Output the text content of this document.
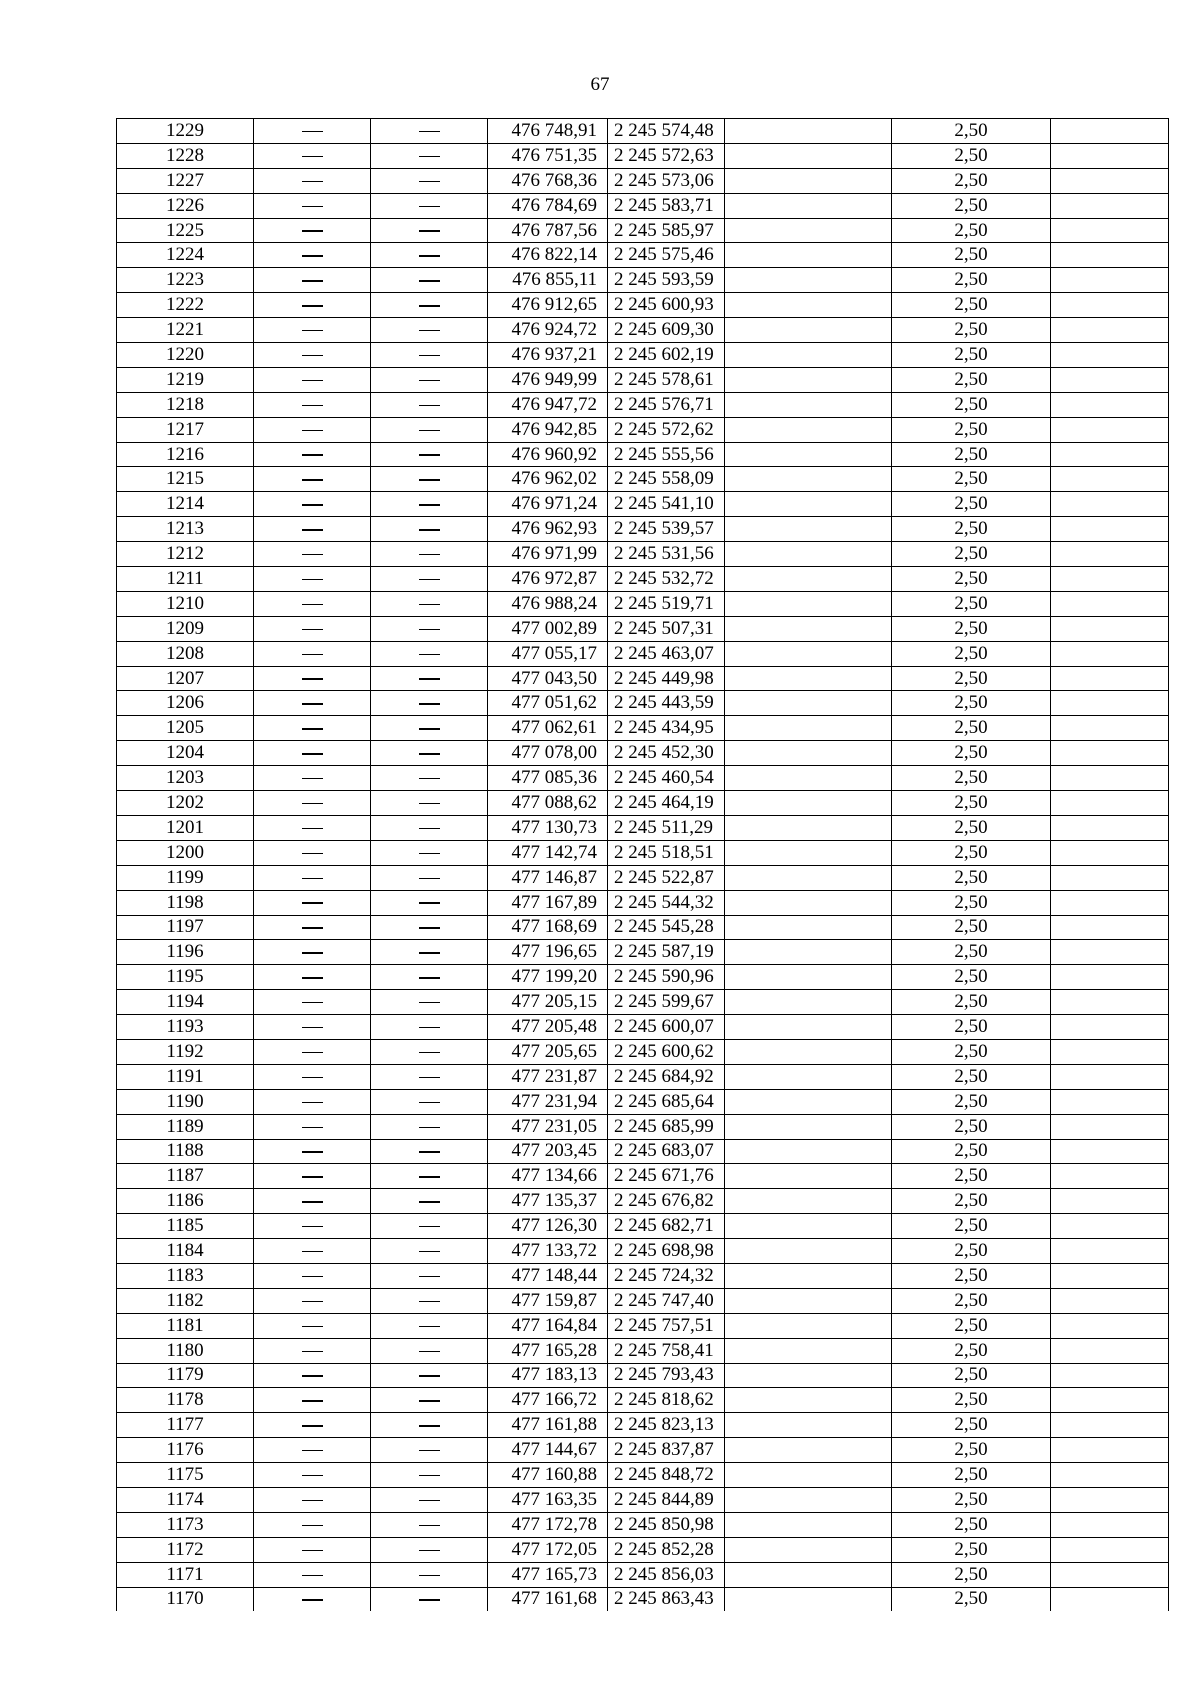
67
1229			476 748,91	2 245 574,48		2,50	
1228			476 751,35	2 245 572,63		2,50	
1227			476 768,36	2 245 573,06		2,50	
1226			476 784,69	2 245 583,71		2,50	
1225			476 787,56	2 245 585,97		2,50	
1224			476 822,14	2 245 575,46		2,50	
1223			476 855,11	2 245 593,59		2,50	
1222			476 912,65	2 245 600,93		2,50	
1221			476 924,72	2 245 609,30		2,50	
1220			476 937,21	2 245 602,19		2,50	
1219			476 949,99	2 245 578,61		2,50	
1218			476 947,72	2 245 576,71		2,50	
1217			476 942,85	2 245 572,62		2,50	
1216			476 960,92	2 245 555,56		2,50	
1215			476 962,02	2 245 558,09		2,50	
1214			476 971,24	2 245 541,10		2,50	
1213			476 962,93	2 245 539,57		2,50	
1212			476 971,99	2 245 531,56		2,50	
1211			476 972,87	2 245 532,72		2,50	
1210			476 988,24	2 245 519,71		2,50	
1209			477 002,89	2 245 507,31		2,50	
1208			477 055,17	2 245 463,07		2,50	
1207			477 043,50	2 245 449,98		2,50	
1206			477 051,62	2 245 443,59		2,50	
1205			477 062,61	2 245 434,95		2,50	
1204			477 078,00	2 245 452,30		2,50	
1203			477 085,36	2 245 460,54		2,50	
1202			477 088,62	2 245 464,19		2,50	
1201			477 130,73	2 245 511,29		2,50	
1200			477 142,74	2 245 518,51		2,50	
1199			477 146,87	2 245 522,87		2,50	
1198			477 167,89	2 245 544,32		2,50	
1197			477 168,69	2 245 545,28		2,50	
1196			477 196,65	2 245 587,19		2,50	
1195			477 199,20	2 245 590,96		2,50	
1194			477 205,15	2 245 599,67		2,50	
1193			477 205,48	2 245 600,07		2,50	
1192			477 205,65	2 245 600,62		2,50	
1191			477 231,87	2 245 684,92		2,50	
1190			477 231,94	2 245 685,64		2,50	
1189			477 231,05	2 245 685,99		2,50	
1188			477 203,45	2 245 683,07		2,50	
1187			477 134,66	2 245 671,76		2,50	
1186			477 135,37	2 245 676,82		2,50	
1185			477 126,30	2 245 682,71		2,50	
1184			477 133,72	2 245 698,98		2,50	
1183			477 148,44	2 245 724,32		2,50	
1182			477 159,87	2 245 747,40		2,50	
1181			477 164,84	2 245 757,51		2,50	
1180			477 165,28	2 245 758,41		2,50	
1179			477 183,13	2 245 793,43		2,50	
1178			477 166,72	2 245 818,62		2,50	
1177			477 161,88	2 245 823,13		2,50	
1176			477 144,67	2 245 837,87		2,50	
1175			477 160,88	2 245 848,72		2,50	
1174			477 163,35	2 245 844,89		2,50	
1173			477 172,78	2 245 850,98		2,50	
1172			477 172,05	2 245 852,28		2,50	
1171			477 165,73	2 245 856,03		2,50	
1170			477 161,68	2 245 863,43		2,50	
